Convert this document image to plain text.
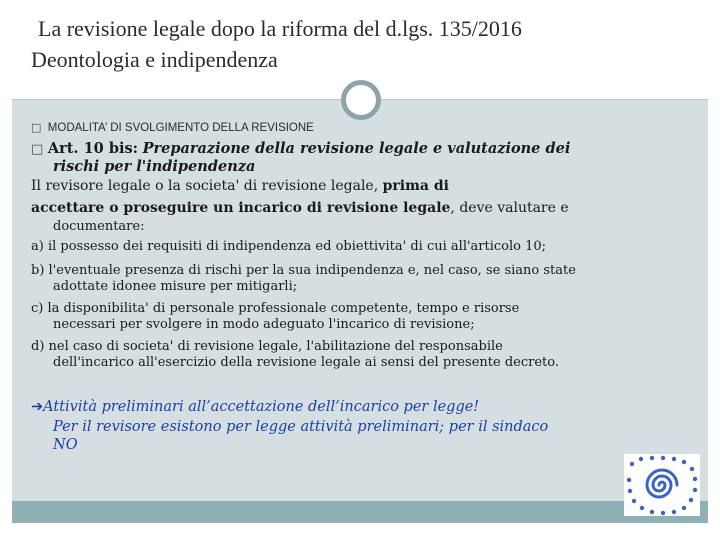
La revisione legale dopo la riforma del d.lgs. 135/2016
Deontologia e indipendenza
□ MODALITA’ DI SVOLGIMENTO DELLA REVISIONE
□ Art. 10 bis: Preparazione della revisione legale e valutazione dei
rischi per l'indipendenza
Il revisore legale o la societa' di revisione legale, prima di
accettare o proseguire un incarico di revisione legale, deve valutare e
documentare:
a) il possesso dei requisiti di indipendenza ed obiettivita' di cui all'articolo 10;
b) l'eventuale presenza di rischi per la sua indipendenza e, nel caso, se siano state
adottate idonee misure per mitigarli;
c) la disponibilita' di personale professionale competente, tempo e risorse
necessari per svolgere in modo adeguato l'incarico di revisione;
d) nel caso di societa' di revisione legale, l'abilitazione del responsabile
dell'incarico all'esercizio della revisione legale ai sensi del presente decreto.
➔Attività preliminari all’accettazione dell’incarico per legge!
Per il revisore esistono per legge attività preliminari; per il sindaco
NO
